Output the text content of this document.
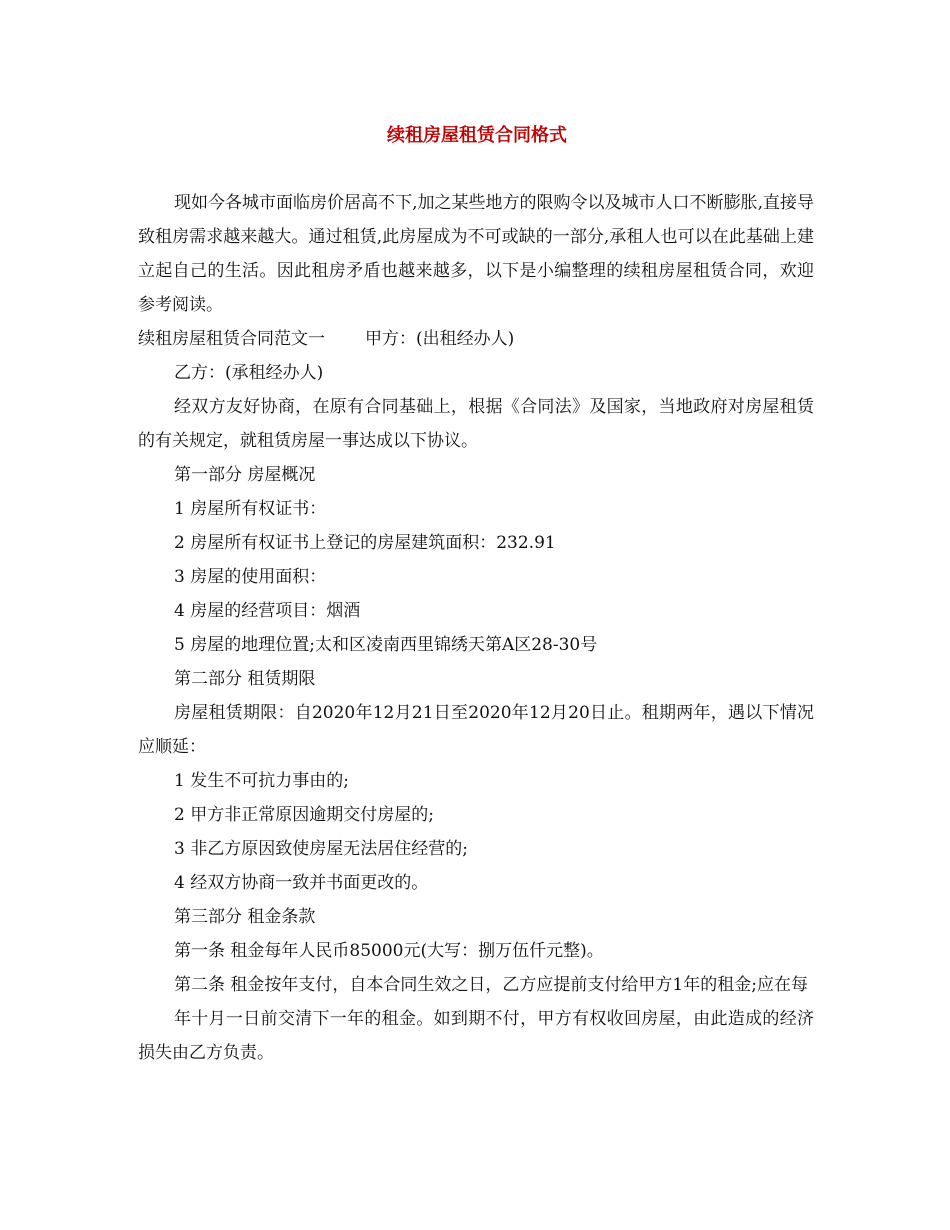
续租房屋租赁合同格式
现如今各城市面临房价居高不下,加之某些地方的限购令以及城市人口不断膨胀,直接导致租房需求越来越大。通过租赁,此房屋成为不可或缺的一部分,承租人也可以在此基础上建立起自己的生活。因此租房矛盾也越来越多，以下是小编整理的续租房屋租赁合同，欢迎参考阅读。
续租房屋租赁合同范文一 甲方：(出租经办人)
乙方：(承租经办人)
经双方友好协商，在原有合同基础上，根据《合同法》及国家，当地政府对房屋租赁的有关规定，就租赁房屋一事达成以下协议。
第一部分 房屋概况
1 房屋所有权证书：
2 房屋所有权证书上登记的房屋建筑面积：232.91
3 房屋的使用面积：
4 房屋的经营项目：烟酒
5 房屋的地理位置;太和区凌南西里锦绣天第A区28-30号
第二部分 租赁期限
房屋租赁期限：自2020年12月21日至2020年12月20日止。租期两年，遇以下情况应顺延：
1 发生不可抗力事由的;
2 甲方非正常原因逾期交付房屋的;
3 非乙方原因致使房屋无法居住经营的;
4 经双方协商一致并书面更改的。
第三部分 租金条款
第一条 租金每年人民币85000元(大写：捌万伍仟元整)。
第二条 租金按年支付，自本合同生效之日，乙方应提前支付给甲方1年的租金;应在每
年十月一日前交清下一年的租金。如到期不付，甲方有权收回房屋，由此造成的经济损失由乙方负责。
